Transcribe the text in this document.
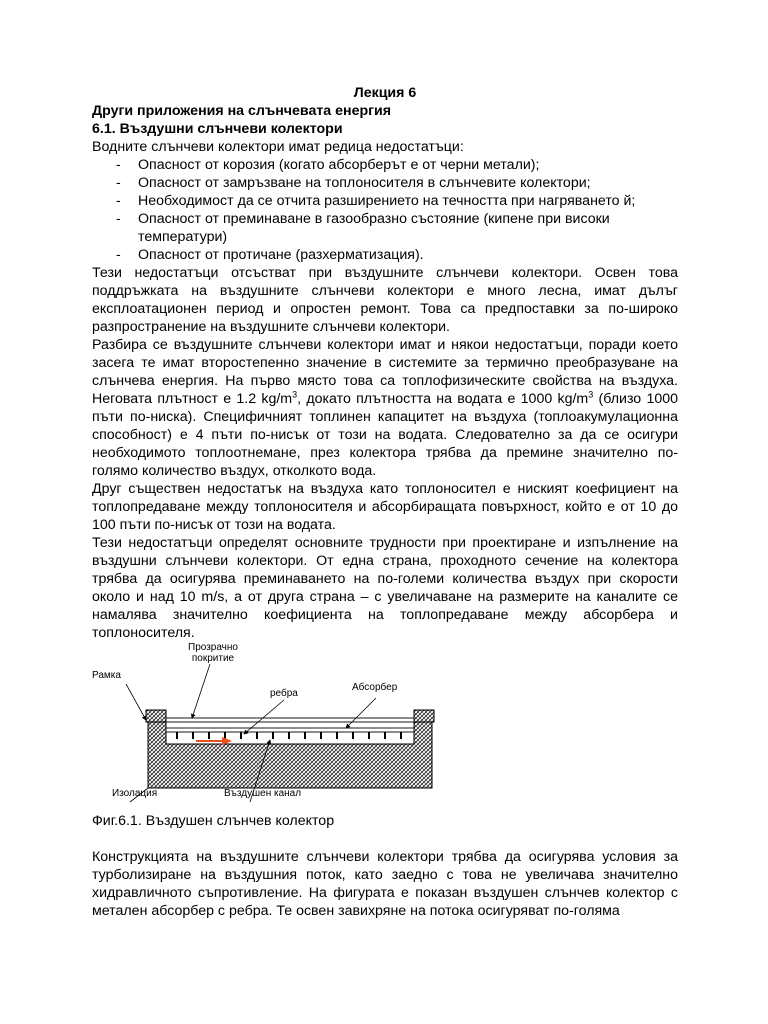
Лекция 6
Други приложения на слънчевата енергия
6.1. Въздушни слънчеви колектори
Водните слънчеви колектори имат редица недостатъци:
- Опасност от корозия (когато абсорберът е от черни метали);
- Опасност от замръзване на топлоносителя в слънчевите колектори;
- Необходимост да се отчита разширението на течността при нагряването й;
- Опасност от преминаване в газообразно състояние (кипене при високи температури)
- Опасност от протичане (разхерматизация).

Тези недостатъци отсъстват при въздушните слънчеви колектори. Освен това поддръжката на въздушните слънчеви колектори е много лесна, имат дълъг експлоатационен период и опростен ремонт. Това са предпоставки за по-широко разпространение на въздушните слънчеви колектори.

Разбира се въздушните слънчеви колектори имат и някои недостатъци, поради което засега те имат второстепенно значение в системите за термично преобразуване на слънчева енергия. На първо място това са топлофизическите свойства на въздуха. Неговата плътност е 1.2 $kg/m^3$, докато плътността на водата е 1000 $kg/m^3$ (близо 1000 пъти по-ниска). Специфичният топлинен капацитет на въздуха (топлоакумулационна способност) е 4 пъти по-нисък от този на водата. Следователно за да се осигури необходимото топлоотнемане, през колектора трябва да премине значително по-голямо количество въздух, отколкото вода.

Друг съществен недостатък на въздуха като топлоносител е ниският коефициент на топлопредаване между топлоносителя и абсорбиращата повърхност, който е от 10 до 100 пъти по-нисък от този на водата.

Тези недостатъци определят основните трудности при проектиране и изпълнение на въздушни слънчеви колектори. От една страна, проходното сечение на колектора трябва да осигурява преминаването на по-големи количества въздух при скорости около и над 10 m/s, а от друга страна – с увеличаване на размерите на каналите се намалява значително коефициента на топлопредаване между абсорбера и топлоносителя.

Прозрачно
покритие
Рамка
ребра
Абсорбер
Изолация	Въздушен канал
Фиг.6.1. Въздушен слънчев колектор

Конструкцията на въздушните слънчеви колектори трябва да осигурява условия за турболизиране на въздушния поток, като заедно с това не увеличава значително хидравличното съпротивление. На фигурата е показан въздушен слънчев колектор с метален абсорбер с ребра. Те освен завихряне на потока осигуряват по-голяма
